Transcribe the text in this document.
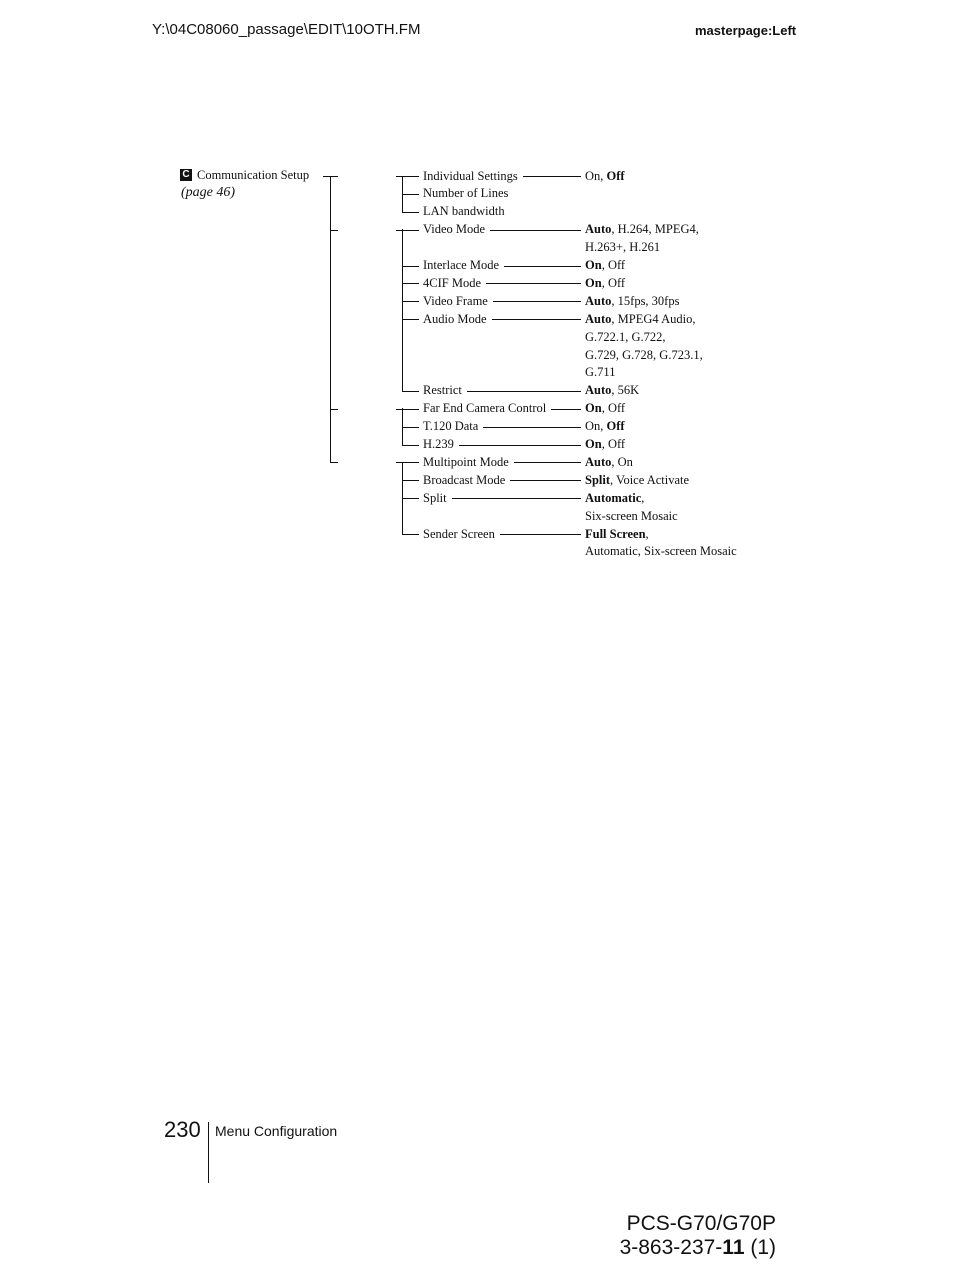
Y:\04C08060_passage\EDIT\10OTH.FM	masterpage:Left
C Communication Setup
(page 46)
Individual Settings	On, Off
Number of Lines
LAN bandwidth
Video Mode	Auto, H.264, MPEG4,
H.263+, H.261
Interlace Mode	On, Off
4CIF Mode	On, Off
Video Frame	Auto, 15fps, 30fps
Audio Mode	Auto, MPEG4 Audio,
G.722.1, G.722,
G.729, G.728, G.723.1,
G.711
Restrict	Auto, 56K
Far End Camera Control	On, Off
T.120 Data	On, Off
H.239	On, Off
Multipoint Mode	Auto, On
Broadcast Mode	Split, Voice Activate
Split	Automatic,
Six-screen Mosaic
Sender Screen	Full Screen,
Automatic, Six-screen Mosaic
230 Menu Configuration
PCS-G70/G70P
3-863-237-11 (1)
